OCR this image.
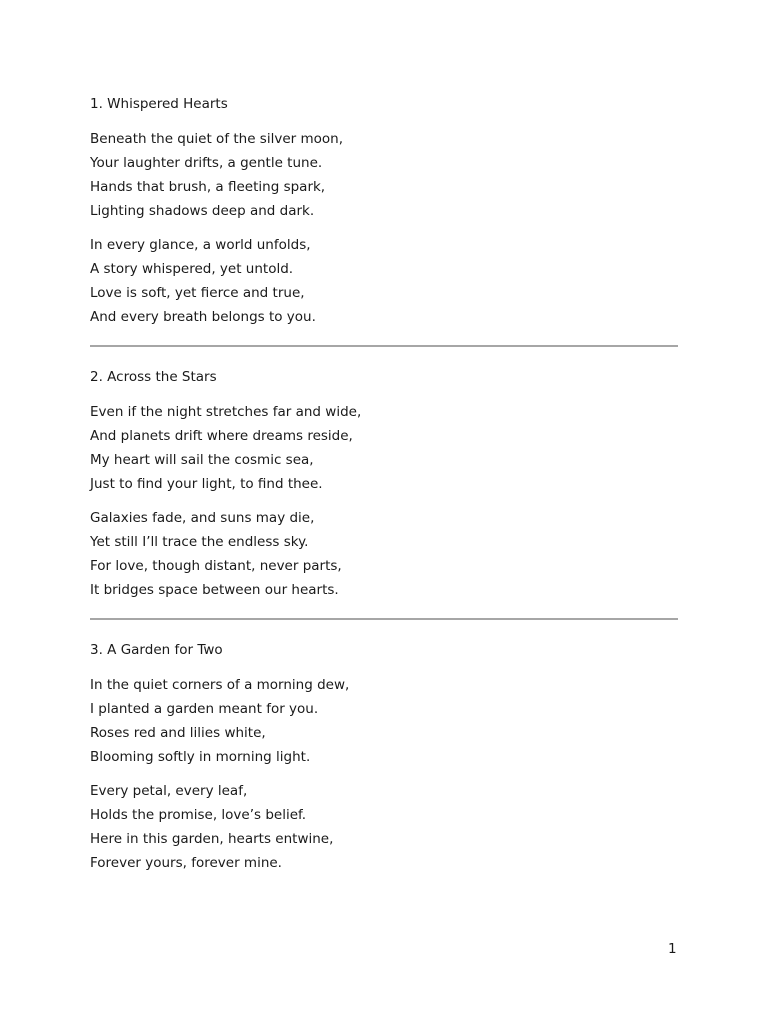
1. Whispered Hearts
Beneath the quiet of the silver moon,
Your laughter drifts, a gentle tune.
Hands that brush, a fleeting spark,
Lighting shadows deep and dark.
In every glance, a world unfolds,
A story whispered, yet untold.
Love is soft, yet fierce and true,
And every breath belongs to you.
2. Across the Stars
Even if the night stretches far and wide,
And planets drift where dreams reside,
My heart will sail the cosmic sea,
Just to find your light, to find thee.
Galaxies fade, and suns may die,
Yet still I’ll trace the endless sky.
For love, though distant, never parts,
It bridges space between our hearts.
3. A Garden for Two
In the quiet corners of a morning dew,
I planted a garden meant for you.
Roses red and lilies white,
Blooming softly in morning light.
Every petal, every leaf,
Holds the promise, love’s belief.
Here in this garden, hearts entwine,
Forever yours, forever mine.
1
